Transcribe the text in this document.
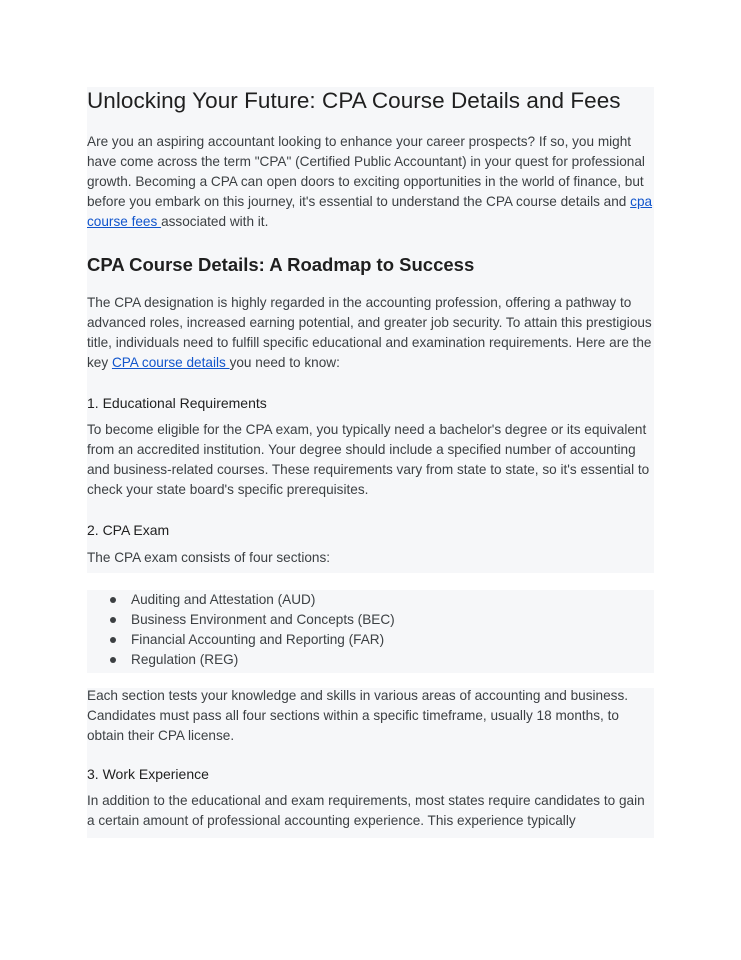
Unlocking Your Future: CPA Course Details and Fees

Are you an aspiring accountant looking to enhance your career prospects? If so, you might have come across the term "CPA" (Certified Public Accountant) in your quest for professional growth. Becoming a CPA can open doors to exciting opportunities in the world of finance, but before you embark on this journey, it's essential to understand the CPA course details and cpa course fees associated with it.

CPA Course Details: A Roadmap to Success

The CPA designation is highly regarded in the accounting profession, offering a pathway to advanced roles, increased earning potential, and greater job security. To attain this prestigious title, individuals need to fulfill specific educational and examination requirements. Here are the key CPA course details you need to know:

1. Educational Requirements

To become eligible for the CPA exam, you typically need a bachelor's degree or its equivalent from an accredited institution. Your degree should include a specified number of accounting and business-related courses. These requirements vary from state to state, so it's essential to check your state board's specific prerequisites.

2. CPA Exam

The CPA exam consists of four sections:

Auditing and Attestation (AUD)
Business Environment and Concepts (BEC)
Financial Accounting and Reporting (FAR)
Regulation (REG)

Each section tests your knowledge and skills in various areas of accounting and business. Candidates must pass all four sections within a specific timeframe, usually 18 months, to obtain their CPA license.

3. Work Experience

In addition to the educational and exam requirements, most states require candidates to gain a certain amount of professional accounting experience. This experience typically
